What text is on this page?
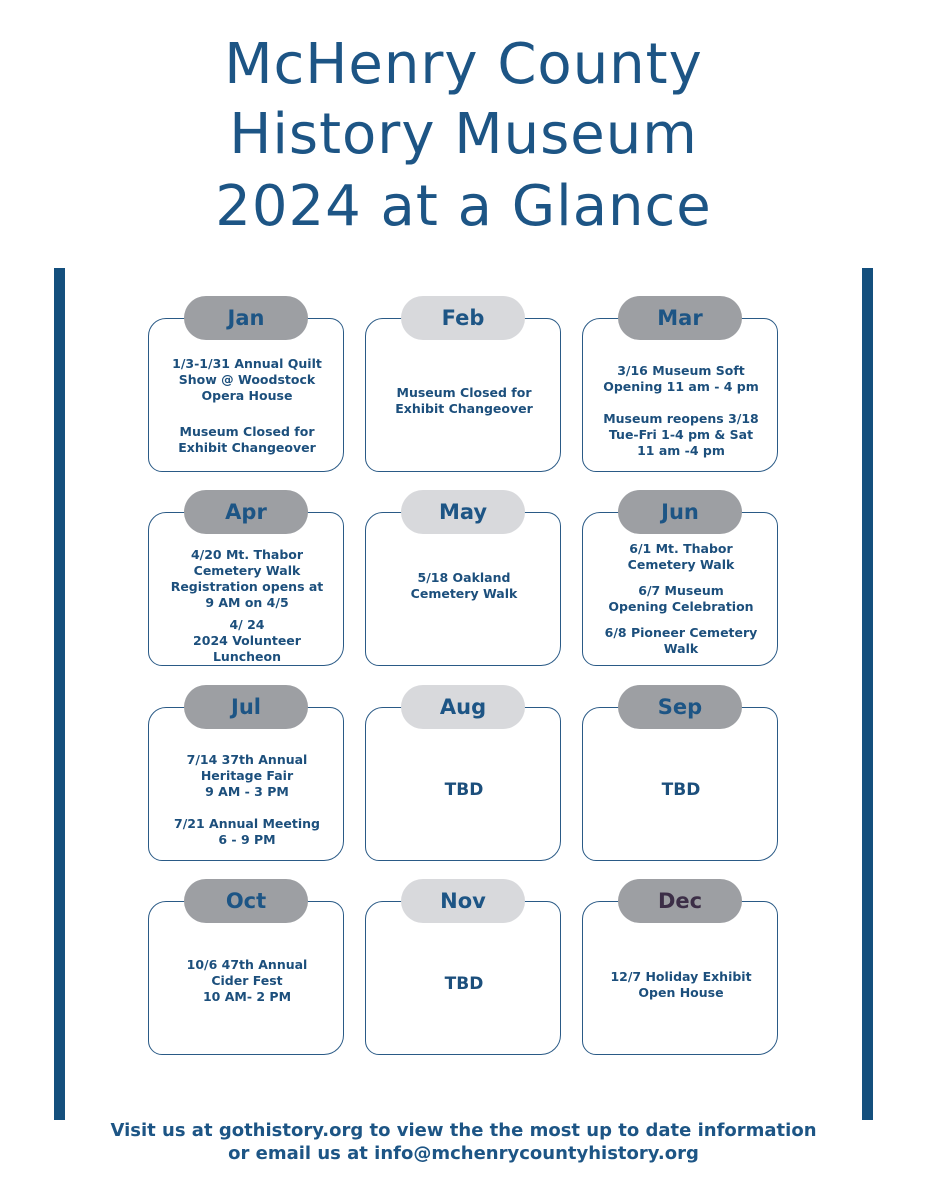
McHenry County
History Museum
2024 at a Glance
Jan
1/3-1/31 Annual Quilt
Show @ Woodstock
Opera House
Museum Closed for
Exhibit Changeover
Feb
Museum Closed for
Exhibit Changeover
Mar
3/16 Museum Soft
Opening 11 am - 4 pm
Museum reopens 3/18
Tue-Fri 1-4 pm & Sat
11 am -4 pm
Apr
4/20 Mt. Thabor
Cemetery Walk
Registration opens at
9 AM on 4/5
4/ 24
2024 Volunteer
Luncheon
May
5/18 Oakland
Cemetery Walk
Jun
6/1 Mt. Thabor
Cemetery Walk
6/7 Museum
Opening Celebration
6/8 Pioneer Cemetery
Walk
Jul
7/14 37th Annual
Heritage Fair
9 AM - 3 PM
7/21 Annual Meeting
6 - 9 PM
Aug
TBD
Sep
TBD
Oct
10/6 47th Annual
Cider Fest
10 AM- 2 PM
Nov
TBD
Dec
12/7 Holiday Exhibit
Open House
Visit us at gothistory.org to view the the most up to date information
or email us at info@mchenrycountyhistory.org
